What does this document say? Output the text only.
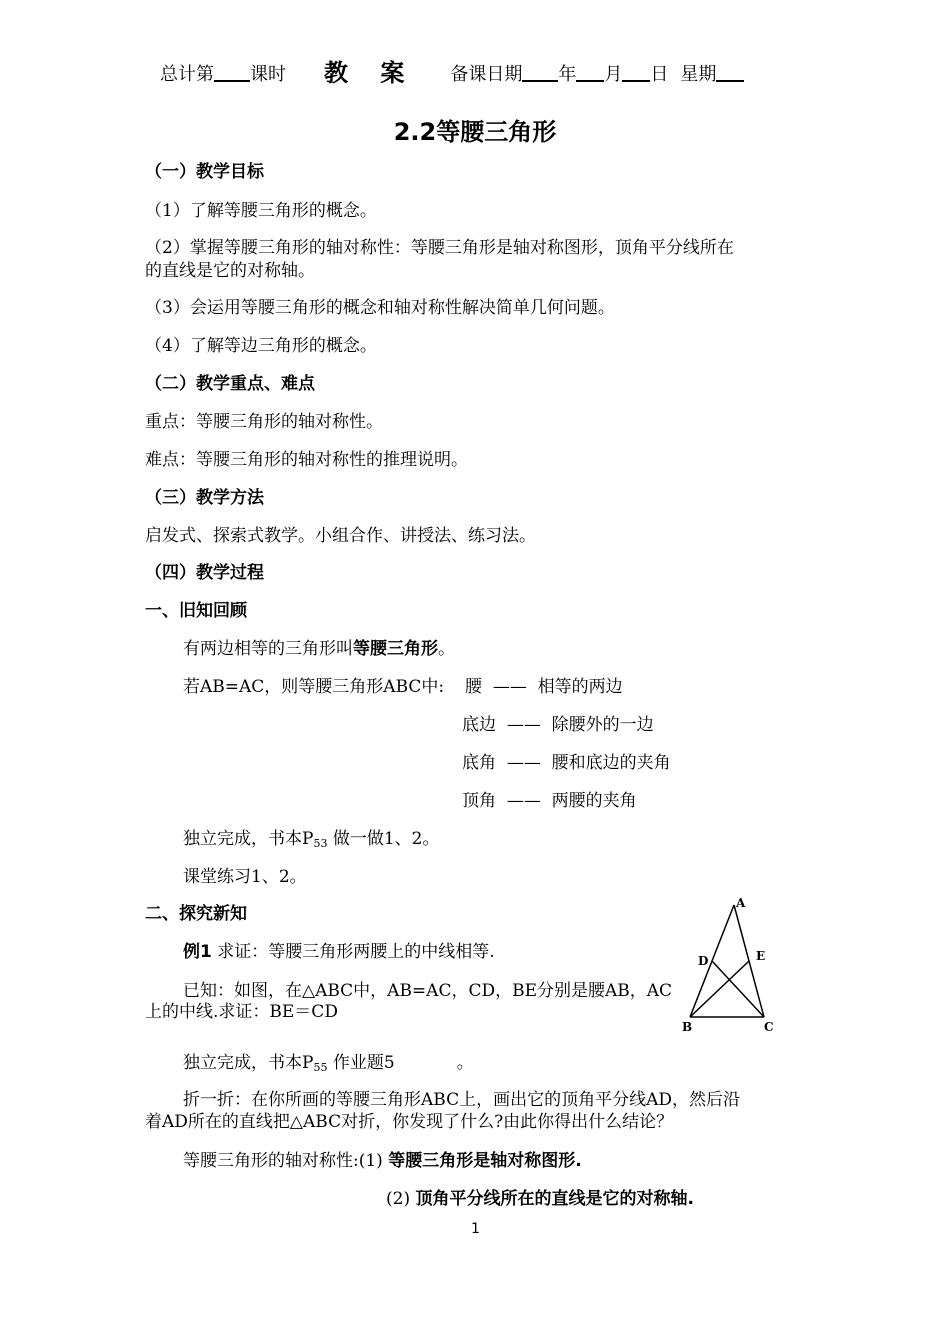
总计第 课时 教 案 备课日期 年 月 日 星期
2.2等腰三角形
（一）教学目标
（1）了解等腰三角形的概念。
（2）掌握等腰三角形的轴对称性：等腰三角形是轴对称图形，顶角平分线所在
的直线是它的对称轴。
（3）会运用等腰三角形的概念和轴对称性解决简单几何问题。
（4）了解等边三角形的概念。
（二）教学重点、难点
重点：等腰三角形的轴对称性。
难点：等腰三角形的轴对称性的推理说明。
（三）教学方法
启发式、探索式教学。小组合作、讲授法、练习法。
（四）教学过程
一、旧知回顾
有两边相等的三角形叫等腰三角形。
若AB=AC，则等腰三角形ABC中: 腰 —— 相等的两边
底边 —— 除腰外的一边
底角 —— 腰和底边的夹角
顶角 —— 两腰的夹角
独立完成，书本$P_{53}$ 做一做1、2。
课堂练习1、2。
二、探究新知
例1 求证：等腰三角形两腰上的中线相等.
已知：如图，在△ABC中，AB=AC，CD，BE分别是腰AB，AC
上的中线.求证：BE＝CD
独立完成，书本$P_{55}$ 作业题5	。
折一折：在你所画的等腰三角形ABC上，画出它的顶角平分线AD，然后沿
着AD所在的直线把△ABC对折，你发现了什么?由此你得出什么结论？
等腰三角形的轴对称性:(1) 等腰三角形是轴对称图形.
(2) 顶角平分线所在的直线是它的对称轴.
A
B	C
D	E
1
